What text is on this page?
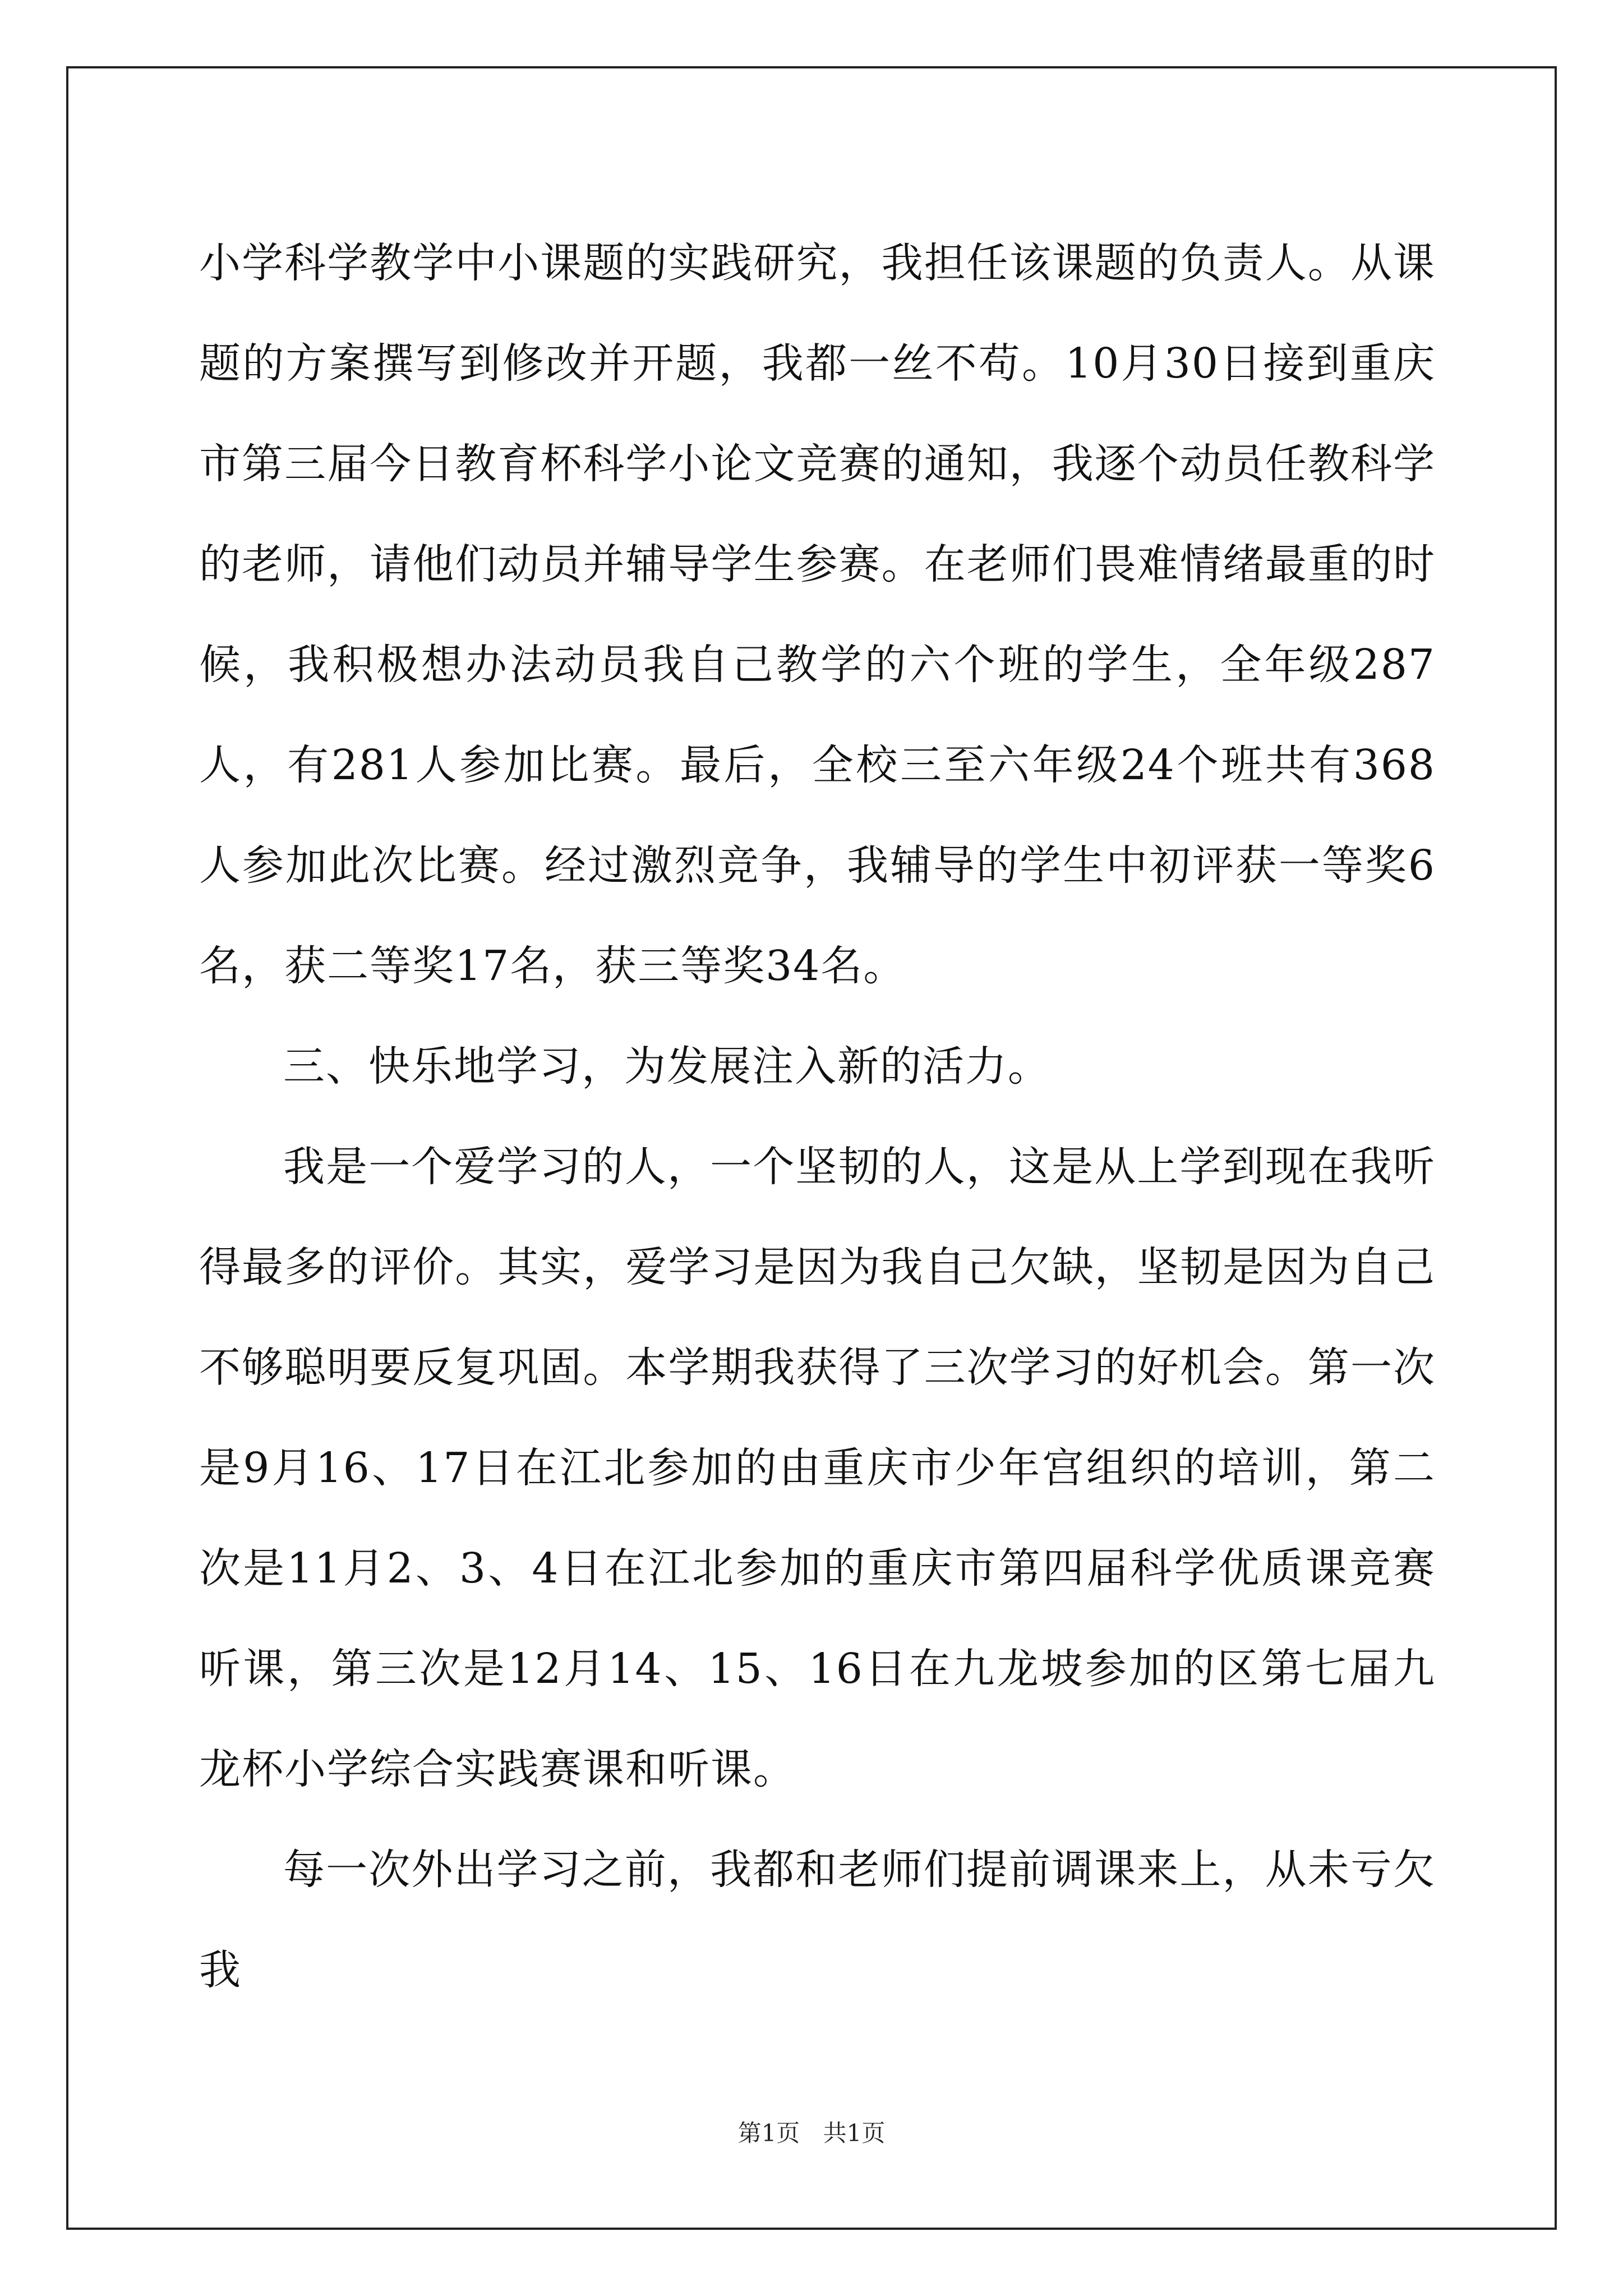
小学科学教学中小课题的实践研究，我担任该课题的负责人。从课题的方案撰写到修改并开题，我都一丝不苟。10月30日接到重庆市第三届今日教育杯科学小论文竞赛的通知，我逐个动员任教科学的老师，请他们动员并辅导学生参赛。在老师们畏难情绪最重的时候，我积极想办法动员我自己教学的六个班的学生，全年级287人，有281人参加比赛。最后，全校三至六年级24个班共有368人参加此次比赛。经过激烈竞争，我辅导的学生中初评获一等奖6名，获二等奖17名，获三等奖34名。

三、快乐地学习，为发展注入新的活力。

我是一个爱学习的人，一个坚韧的人，这是从上学到现在我听得最多的评价。其实，爱学习是因为我自己欠缺，坚韧是因为自己不够聪明要反复巩固。本学期我获得了三次学习的好机会。第一次是9月16、17日在江北参加的由重庆市少年宫组织的培训，第二次是11月2、3、4日在江北参加的重庆市第四届科学优质课竞赛听课，第三次是12月14、15、16日在九龙坡参加的区第七届九龙杯小学综合实践赛课和听课。

每一次外出学习之前，我都和老师们提前调课来上，从未亏欠我

第1页 共1页
